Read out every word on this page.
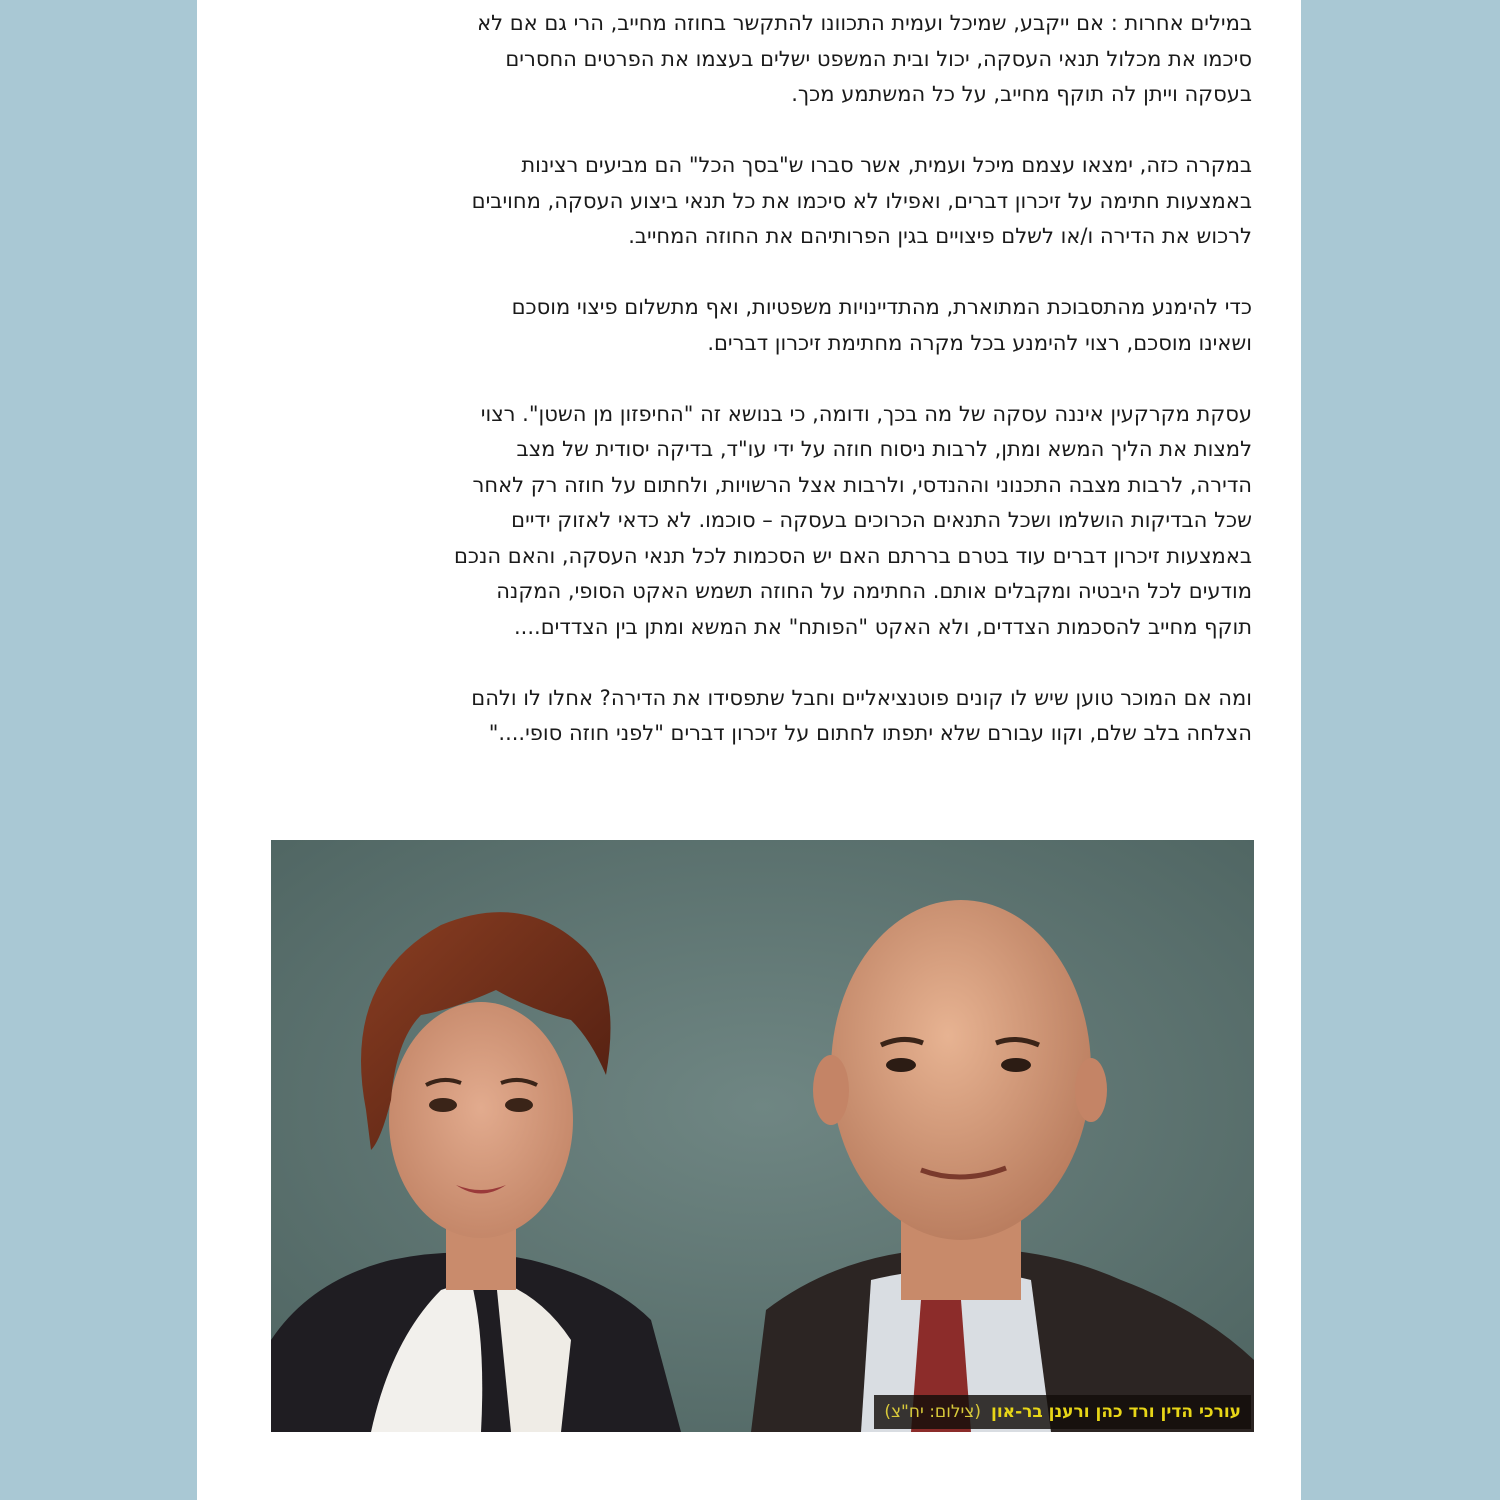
במילים אחרות : אם ייקבע, שמיכל ועמית התכוונו להתקשר בחוזה מחייב, הרי גם אם לא
סיכמו את מכלול תנאי העסקה, יכול ובית המשפט ישלים בעצמו את הפרטים החסרים
בעסקה וייתן לה תוקף מחייב, על כל המשתמע מכך.

במקרה כזה, ימצאו עצמם מיכל ועמית, אשר סברו ש"בסך הכל" הם מביעים רצינות
באמצעות חתימה על זיכרון דברים, ואפילו לא סיכמו את כל תנאי ביצוע העסקה, מחויבים
לרכוש את הדירה ו/או לשלם פיצויים בגין הפרותיהם את החוזה המחייב.

כדי להימנע מהתסבוכת המתוארת, מהתדיינויות משפטיות, ואף מתשלום פיצוי מוסכם
ושאינו מוסכם, רצוי להימנע בכל מקרה מחתימת זיכרון דברים.

עסקת מקרקעין איננה עסקה של מה בכך, ודומה, כי בנושא זה "החיפזון מן השטן". רצוי
למצות את הליך המשא ומתן, לרבות ניסוח חוזה על ידי עו"ד, בדיקה יסודית של מצב
הדירה, לרבות מצבה התכנוני וההנדסי, ולרבות אצל הרשויות, ולחתום על חוזה רק לאחר
שכל הבדיקות הושלמו ושכל התנאים הכרוכים בעסקה – סוכמו. לא כדאי לאזוק ידיים
באמצעות זיכרון דברים עוד בטרם בררתם האם יש הסכמות לכל תנאי העסקה, והאם הנכם
מודעים לכל היבטיה ומקבלים אותם. החתימה על החוזה תשמש האקט הסופי, המקנה
תוקף מחייב להסכמות הצדדים, ולא האקט "הפותח" את המשא ומתן בין הצדדים....

ומה אם המוכר טוען שיש לו קונים פוטנציאליים וחבל שתפסידו את הדירה? אחלו לו ולהם
הצלחה בלב שלם, וקוו עבורם שלא יתפתו לחתום על זיכרון דברים "לפני חוזה סופי...."

עורכי הדין ורד כהן ורענן בר-און
(צילום: יח"צ)
